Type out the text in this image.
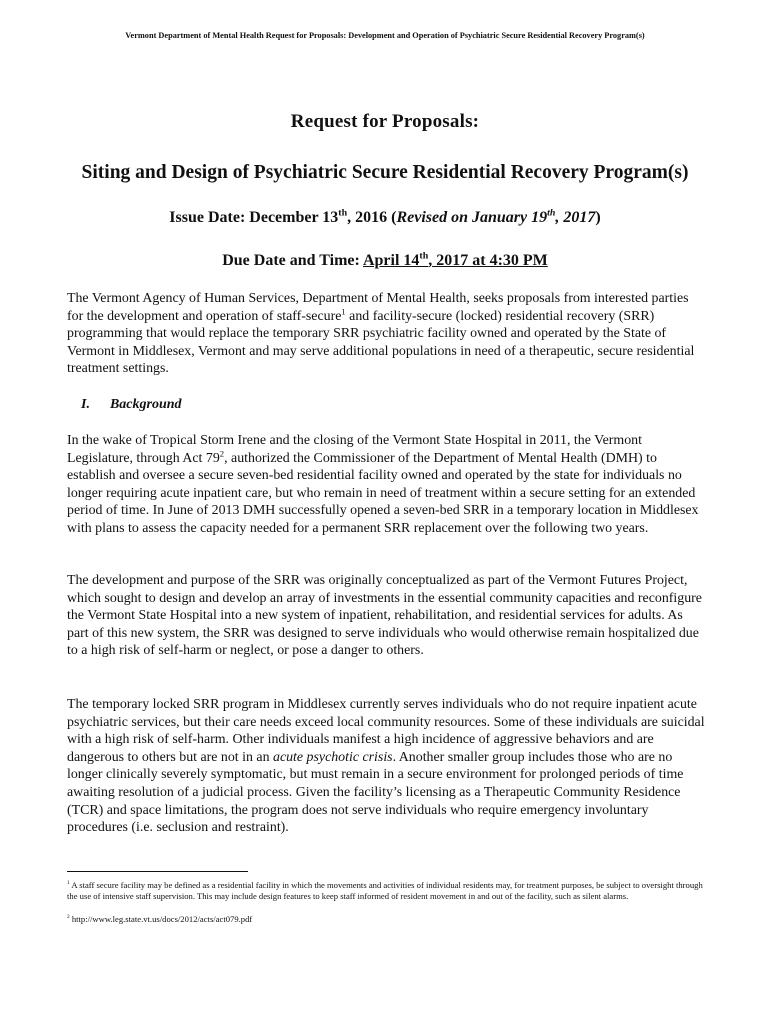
Vermont Department of Mental Health Request for Proposals: Development and Operation of Psychiatric Secure Residential Recovery Program(s)
Request for Proposals:
Siting and Design of Psychiatric Secure Residential Recovery Program(s)
Issue Date: December 13th, 2016 (Revised on January 19th, 2017)
Due Date and Time: April 14th, 2017 at 4:30 PM

The Vermont Agency of Human Services, Department of Mental Health, seeks proposals from interested parties for the development and operation of staff-secure$^1$ and facility-secure (locked) residential recovery (SRR) programming that would replace the temporary SRR psychiatric facility owned and operated by the State of Vermont in Middlesex, Vermont and may serve additional populations in need of a therapeutic, secure residential treatment settings.

I. Background

In the wake of Tropical Storm Irene and the closing of the Vermont State Hospital in 2011, the Vermont Legislature, through Act $79^2$, authorized the Commissioner of the Department of Mental Health (DMH) to establish and oversee a secure seven-bed residential facility owned and operated by the state for individuals no longer requiring acute inpatient care, but who remain in need of treatment within a secure setting for an extended period of time. In June of 2013 DMH successfully opened a seven-bed SRR in a temporary location in Middlesex with plans to assess the capacity needed for a permanent SRR replacement over the following two years.

The development and purpose of the SRR was originally conceptualized as part of the Vermont Futures Project, which sought to design and develop an array of investments in the essential community capacities and reconfigure the Vermont State Hospital into a new system of inpatient, rehabilitation, and residential services for adults. As part of this new system, the SRR was designed to serve individuals who would otherwise remain hospitalized due to a high risk of self-harm or neglect, or pose a danger to others.

The temporary locked SRR program in Middlesex currently serves individuals who do not require inpatient acute psychiatric services, but their care needs exceed local community resources. Some of these individuals are suicidal with a high risk of self-harm. Other individuals manifest a high incidence of aggressive behaviors and are dangerous to others but are not in an acute psychotic crisis. Another smaller group includes those who are no longer clinically severely symptomatic, but must remain in a secure environment for prolonged periods of time awaiting resolution of a judicial process. Given the facility’s licensing as a Therapeutic Community Residence (TCR) and space limitations, the program does not serve individuals who require emergency involuntary procedures (i.e. seclusion and restraint).

$^1$ A staff secure facility may be defined as a residential facility in which the movements and activities of individual residents may, for treatment purposes, be subject to oversight through the use of intensive staff supervision. This may include design features to keep staff informed of resident movement in and out of the facility, such as silent alarms.

$^2$ http://www.leg.state.vt.us/docs/2012/acts/act079.pdf
